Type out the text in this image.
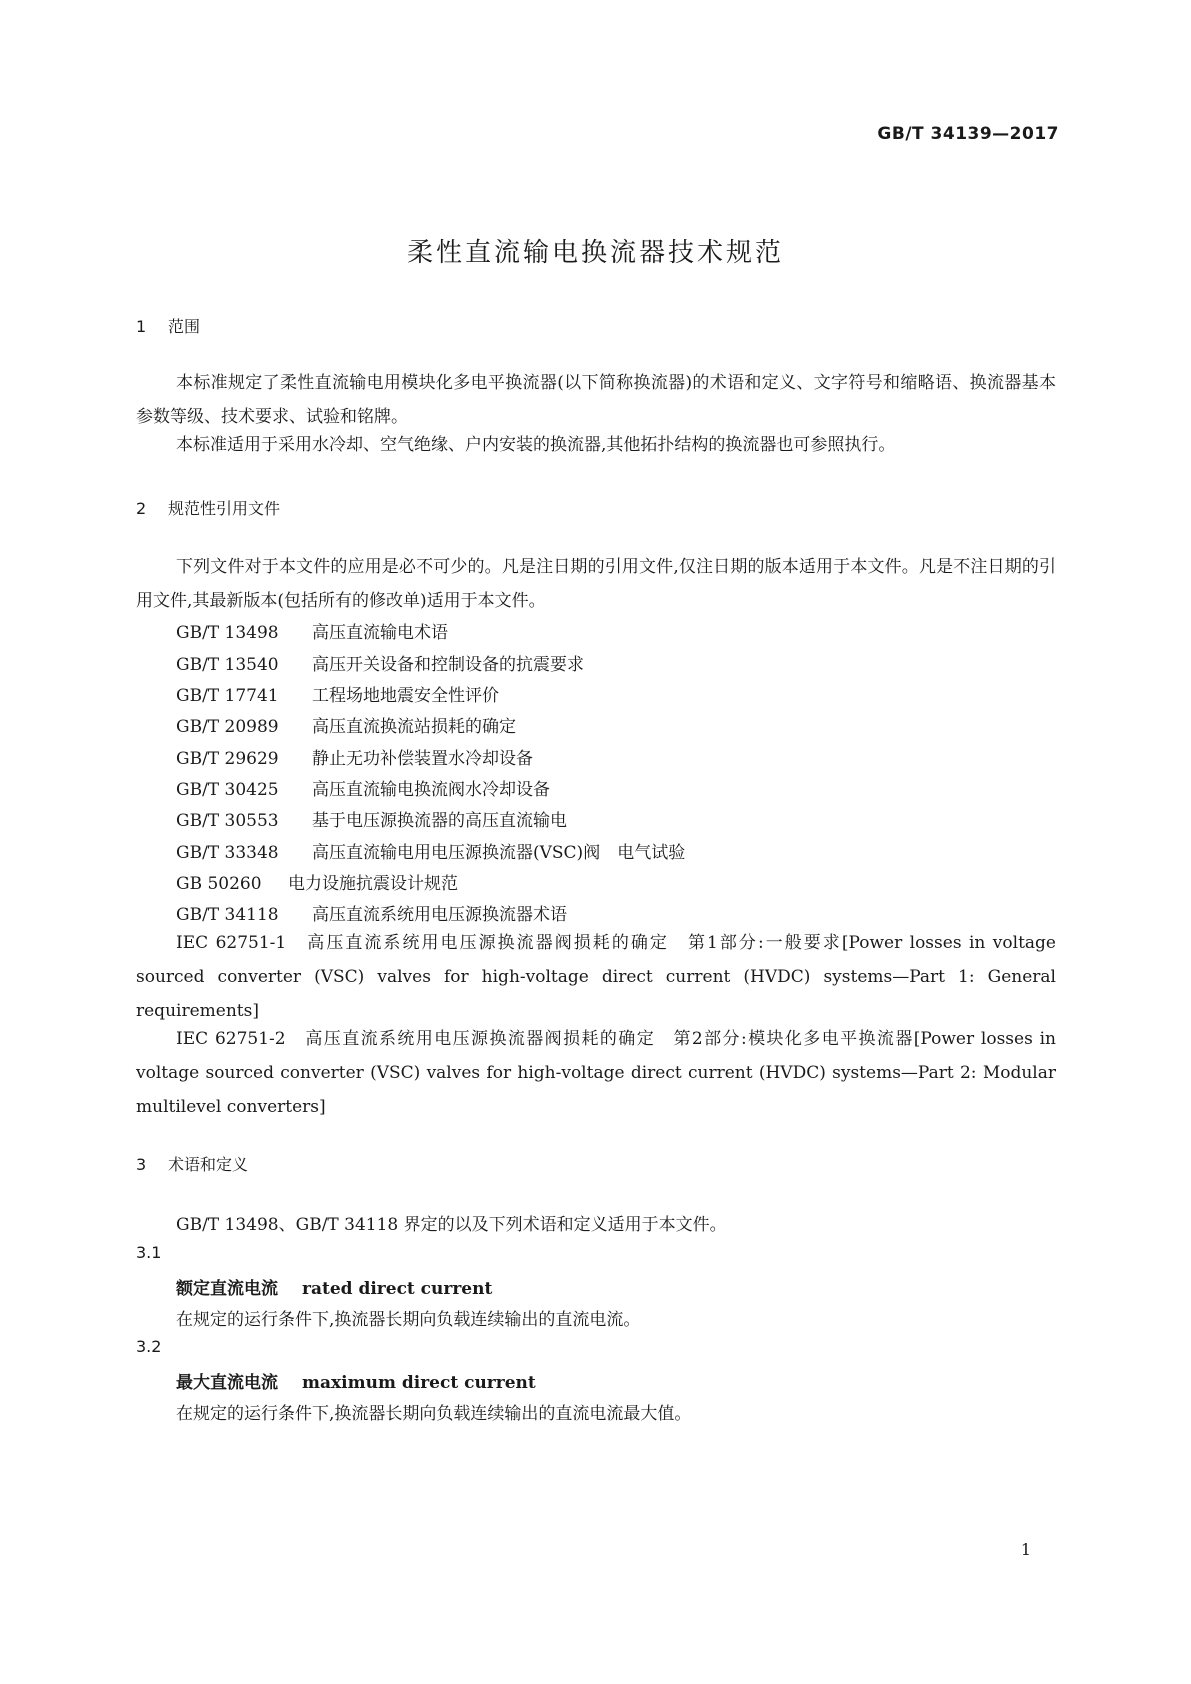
GB/T 34139—2017
柔性直流输电换流器技术规范
1 范围
本标准规定了柔性直流输电用模块化多电平换流器(以下简称换流器)的术语和定义、文字符号和缩略语、换流器基本参数等级、技术要求、试验和铭牌。
本标准适用于采用水冷却、空气绝缘、户内安装的换流器,其他拓扑结构的换流器也可参照执行。
2 规范性引用文件
下列文件对于本文件的应用是必不可少的。凡是注日期的引用文件,仅注日期的版本适用于本文件。凡是不注日期的引用文件,其最新版本(包括所有的修改单)适用于本文件。
GB/T 13498 高压直流输电术语
GB/T 13540 高压开关设备和控制设备的抗震要求
GB/T 17741 工程场地地震安全性评价
GB/T 20989 高压直流换流站损耗的确定
GB/T 29629 静止无功补偿装置水冷却设备
GB/T 30425 高压直流输电换流阀水冷却设备
GB/T 30553 基于电压源换流器的高压直流输电
GB/T 33348 高压直流输电用电压源换流器(VSC)阀　电气试验
GB 50260 电力设施抗震设计规范
GB/T 34118 高压直流系统用电压源换流器术语
IEC 62751-1　高压直流系统用电压源换流器阀损耗的确定　第1部分:一般要求[Power losses in voltage sourced converter (VSC) valves for high-voltage direct current (HVDC) systems—Part 1: General requirements]
IEC 62751-2　高压直流系统用电压源换流器阀损耗的确定　第2部分:模块化多电平换流器[Power losses in voltage sourced converter (VSC) valves for high-voltage direct current (HVDC) systems—Part 2: Modular multilevel converters]
3 术语和定义
GB/T 13498、GB/T 34118 界定的以及下列术语和定义适用于本文件。
3.1
额定直流电流 rated direct current
在规定的运行条件下,换流器长期向负载连续输出的直流电流。
3.2
最大直流电流 maximum direct current
在规定的运行条件下,换流器长期向负载连续输出的直流电流最大值。
1
